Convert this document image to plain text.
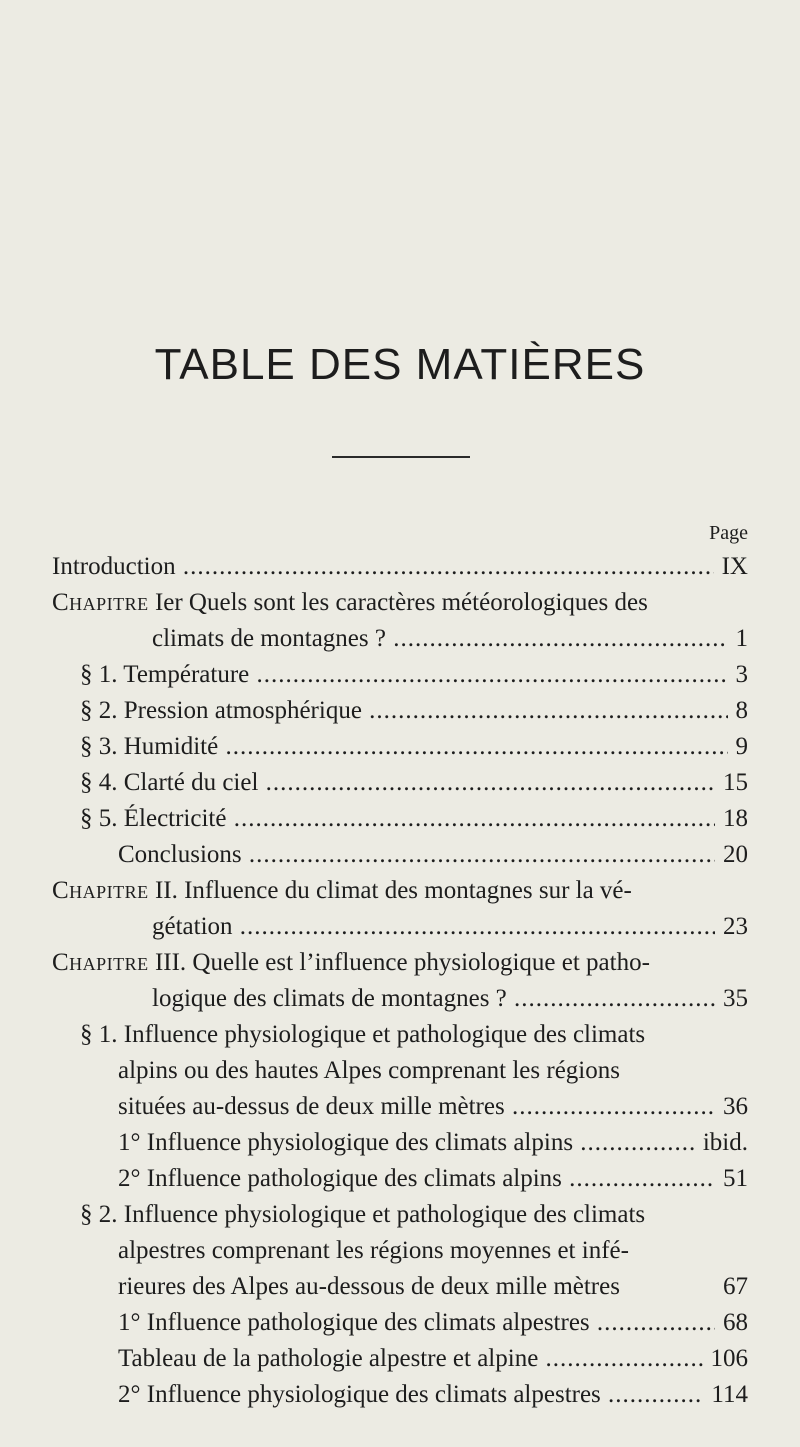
TABLE DES MATIÈRES
Page
Introduction .....	IX
Chapitre Ier Quels sont les caractères météorologiques des
climats de montagnes ? .....	1
§ 1. Température .....	3
§ 2. Pression atmosphérique .....	8
§ 3. Humidité .....	9
§ 4. Clarté du ciel .....	15
§ 5. Électricité .....	18
Conclusions .....	20
Chapitre II. Influence du climat des montagnes sur la vé-
gétation .....	23
Chapitre III. Quelle est l’influence physiologique et patho-
logique des climats de montagnes ? .....	35
§ 1. Influence physiologique et pathologique des climats
alpins ou des hautes Alpes comprenant les régions
situées au-dessus de deux mille mètres .....	36
1° Influence physiologique des climats alpins .....	ibid.
2° Influence pathologique des climats alpins .....	51
§ 2. Influence physiologique et pathologique des climats
alpestres comprenant les régions moyennes et infé-
rieures des Alpes au-dessous de deux mille mètres	67
1° Influence pathologique des climats alpestres .....	68
Tableau de la pathologie alpestre et alpine .....	106
2° Influence physiologique des climats alpestres .....	114
